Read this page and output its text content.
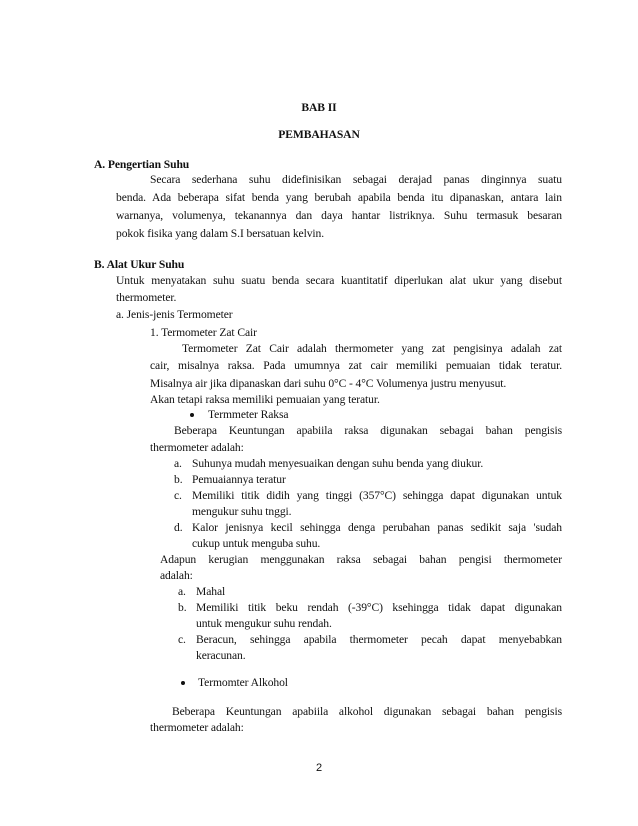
BAB II

PEMBAHASAN

A. Pengertian Suhu

Secara sederhana suhu didefinisikan sebagai derajad panas dinginnya suatu

benda. Ada beberapa sifat benda yang berubah apabila benda itu dipanaskan, antara lain

warnanya, volumenya, tekanannya dan daya hantar listriknya. Suhu termasuk besaran

pokok fisika yang dalam S.I bersatuan kelvin.

B. Alat Ukur Suhu

Untuk menyatakan suhu suatu benda secara kuantitatif diperlukan alat ukur yang disebut

thermometer.

a. Jenis-jenis Termometer

1. Termometer Zat Cair

Termometer Zat Cair adalah thermometer yang zat pengisinya adalah zat

cair, misalnya raksa. Pada umumnya zat cair memiliki pemuaian tidak teratur.

Misalnya air jika dipanaskan dari suhu 0°C - 4°C Volumenya justru menyusut.

Akan tetapi raksa memiliki pemuaian yang teratur.

Termmeter Raksa

Beberapa Keuntungan apabiila raksa digunakan sebagai bahan pengisis

thermometer adalah:

a. Suhunya mudah menyesuaikan dengan suhu benda yang diukur.

b. Pemuaiannya teratur

c. Memiliki titik didih yang tinggi (357°C) sehingga dapat digunakan untuk

mengukur suhu tnggi.

d. Kalor jenisnya kecil sehingga denga perubahan panas sedikit saja 'sudah

cukup untuk menguba suhu.

Adapun kerugian menggunakan raksa sebagai bahan pengisi thermometer

adalah:

a. Mahal

b. Memiliki titik beku rendah (-39°C) ksehingga tidak dapat digunakan

untuk mengukur suhu rendah.

c. Beracun, sehingga apabila thermometer pecah dapat menyebabkan

keracunan.

Termomter Alkohol

Beberapa Keuntungan apabiila alkohol digunakan sebagai bahan pengisis

thermometer adalah:

2
